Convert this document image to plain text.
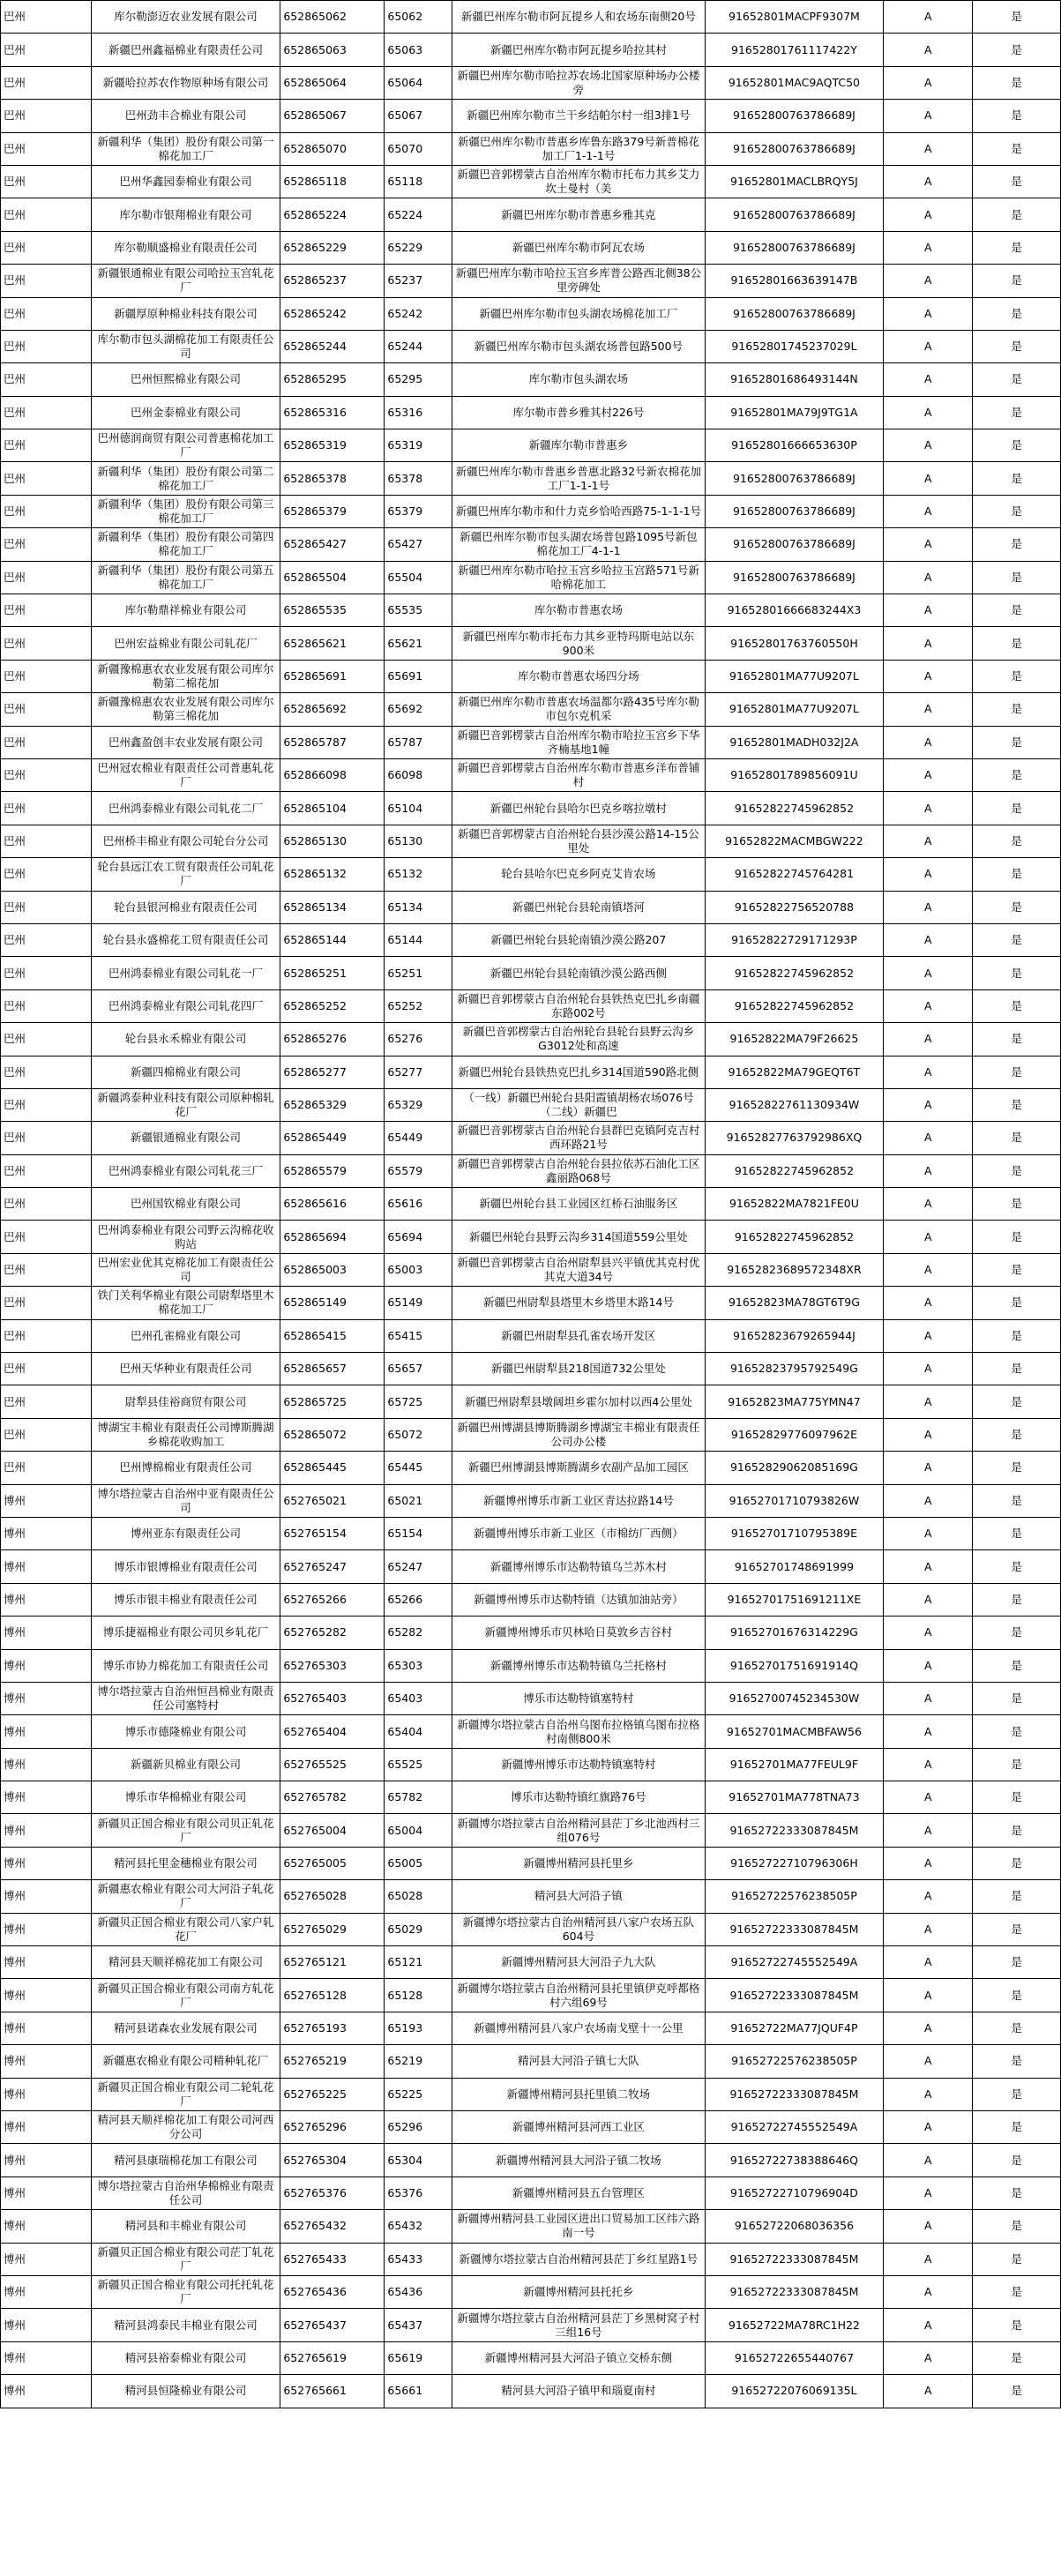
巴州	库尔勒澎迈农业发展有限公司	652865062	65062	新疆巴州库尔勒市阿瓦提乡人和农场东南侧20号	91652801MACPF9307M	A	是
巴州	新疆巴州鑫福棉业有限责任公司	652865063	65063	新疆巴州库尔勒市阿瓦提乡哈拉其村	91652801761117422Y	A	是
巴州	新疆哈拉苏农作物原种场有限公司	652865064	65064	新疆巴州库尔勒市哈拉苏农场北国家原种场办公楼旁	91652801MAC9AQTC50	A	是
巴州	巴州劲丰合棉业有限公司	652865067	65067	新疆巴州库尔勒市兰干乡结帕尔村一组3排1号	91652800763786689J	A	是
巴州	新疆利华（集团）股份有限公司第一棉花加工厂	652865070	65070	新疆巴州库尔勒市普惠乡库鲁东路379号新普棉花加工厂1-1-1号	91652800763786689J	A	是
巴州	巴州华鑫园泰棉业有限公司	652865118	65118	新疆巴音郭楞蒙古自治州库尔勒市托布力其乡艾力坎土曼村（美	91652801MACLBRQY5J	A	是
巴州	库尔勒市银翔棉业有限公司	652865224	65224	新疆巴州库尔勒市普惠乡雅其克	91652800763786689J	A	是
巴州	库尔勒顺盛棉业有限责任公司	652865229	65229	新疆巴州库尔勒市阿瓦农场	91652800763786689J	A	是
巴州	新疆银通棉业有限公司哈拉玉宫轧花厂	652865237	65237	新疆巴州库尔勒市哈拉玉宫乡库普公路西北侧38公里旁碑处	91652801663639147B	A	是
巴州	新疆厚原种棉业科技有限公司	652865242	65242	新疆巴州库尔勒市包头湖农场棉花加工厂	91652800763786689J	A	是
巴州	库尔勒市包头湖棉花加工有限责任公司	652865244	65244	新疆巴州库尔勒市包头湖农场普包路500号	91652801745237029L	A	是
巴州	巴州恒熙棉业有限公司	652865295	65295	库尔勒市包头湖农场	91652801686493144N	A	是
巴州	巴州金泰棉业有限公司	652865316	65316	库尔勒市普乡雅其村226号	91652801MA79J9TG1A	A	是
巴州	巴州德润商贸有限公司普惠棉花加工厂	652865319	65319	新疆库尔勒市普惠乡	91652801666653630P	A	是
巴州	新疆利华（集团）股份有限公司第二棉花加工厂	652865378	65378	新疆巴州库尔勒市普惠乡普惠北路32号新农棉花加工厂1-1-1号	91652800763786689J	A	是
巴州	新疆利华（集团）股份有限公司第三棉花加工厂	652865379	65379	新疆巴州库尔勒市和什力克乡恰哈西路75-1-1-1号	91652800763786689J	A	是
巴州	新疆利华（集团）股份有限公司第四棉花加工厂	652865427	65427	新疆巴州库尔勒市包头湖农场普包路1095号新包棉花加工厂4-1-1	91652800763786689J	A	是
巴州	新疆利华（集团）股份有限公司第五棉花加工厂	652865504	65504	新疆巴州库尔勒市哈拉玉宫乡哈拉玉宫路571号新哈棉花加工	91652800763786689J	A	是
巴州	库尔勒鼎祥棉业有限公司	652865535	65535	库尔勒市普惠农场	91652801666683244X3	A	是
巴州	巴州宏益棉业有限公司轧花厂	652865621	65621	新疆巴州库尔勒市托布力其乡亚特玛斯电站以东900米	91652801763760550H	A	是
巴州	新疆豫棉惠农农业发展有限公司库尔勒第二棉花加	652865691	65691	库尔勒市普惠农场四分场	91652801MA77U9207L	A	是
巴州	新疆豫棉惠农农业发展有限公司库尔勒第三棉花加	652865692	65692	新疆巴州库尔勒市普惠农场温都尔路435号库尔勒市包尔克机采	91652801MA77U9207L	A	是
巴州	巴州鑫盈创丰农业发展有限公司	652865787	65787	新疆巴音郭楞蒙古自治州库尔勒市哈拉玉宫乡下华齐楠基地1幢	91652801MADH032J2A	A	是
巴州	巴州冠农棉业有限责任公司普惠轧花厂	652866098	66098	新疆巴音郭楞蒙古自治州库尔勒市普惠乡洋布普铺村	91652801789856091U	A	是
巴州	巴州鸿泰棉业有限公司轧花二厂	652865104	65104	新疆巴州轮台县哈尔巴克乡喀拉墩村	91652822745962852	A	是
巴州	巴州桥丰棉业有限公司轮台分公司	652865130	65130	新疆巴音郭楞蒙古自治州轮台县沙漠公路14-15公里处	91652822MACMBGW222	A	是
巴州	轮台县远江农工贸有限责任公司轧花厂	652865132	65132	轮台县哈尔巴克乡阿克艾肯农场	91652822745764281	A	是
巴州	轮台县银河棉业有限责任公司	652865134	65134	新疆巴州轮台县轮南镇塔河	91652822756520788	A	是
巴州	轮台县永盛棉花工贸有限责任公司	652865144	65144	新疆巴州轮台县轮南镇沙漠公路207	91652822729171293P	A	是
巴州	巴州鸿泰棉业有限公司轧花一厂	652865251	65251	新疆巴州轮台县轮南镇沙漠公路西侧	91652822745962852	A	是
巴州	巴州鸿泰棉业有限公司轧花四厂	652865252	65252	新疆巴音郭楞蒙古自治州轮台县铁热克巴扎乡南疆东路002号	91652822745962852	A	是
巴州	轮台县永禾棉业有限公司	652865276	65276	新疆巴音郭楞蒙古自治州轮台县轮台县野云沟乡G3012处和高速	91652822MA79F26625	A	是
巴州	新疆四棉棉业有限公司	652865277	65277	新疆巴州轮台县铁热克巴扎乡314国道590路北侧	91652822MA79GEQT6T	A	是
巴州	新疆鸿泰种业科技有限公司原种棉轧花厂	652865329	65329	（一线）新疆巴州轮台县阳霞镇胡杨农场076号（二线）新疆巴	91652822761130934W	A	是
巴州	新疆银通棉业有限公司	652865449	65449	新疆巴音郭楞蒙古自治州轮台县群巴克镇阿克吉村西环路21号	91652827763792986XQ	A	是
巴州	巴州鸿泰棉业有限公司轧花三厂	652865579	65579	新疆巴音郭楞蒙古自治州轮台县拉依苏石油化工区鑫丽路068号	91652822745962852	A	是
巴州	巴州国钦棉业有限公司	652865616	65616	新疆巴州轮台县工业园区红桥石油服务区	91652822MA7821FE0U	A	是
巴州	巴州鸿泰棉业有限公司野云沟棉花收购站	652865694	65694	新疆巴州轮台县野云沟乡314国道559公里处	91652822745962852	A	是
巴州	巴州宏业优其克棉花加工有限责任公司	652865003	65003	新疆巴音郭楞蒙古自治州尉犁县兴平镇优其克村优其克大道34号	91652823689572348XR	A	是
巴州	铁门关利华棉业有限公司尉犁塔里木棉花加工厂	652865149	65149	新疆巴州尉犁县塔里木乡塔里木路14号	91652823MA78GT6T9G	A	是
巴州	巴州孔雀棉业有限公司	652865415	65415	新疆巴州尉犁县孔雀农场开发区	91652823679265944J	A	是
巴州	巴州天华种业有限责任公司	652865657	65657	新疆巴州尉犁县218国道732公里处	91652823795792549G	A	是
巴州	尉犁县佳裕商贸有限公司	652865725	65725	新疆巴州尉犁县墩阔坦乡霍尔加村以西4公里处	91652823MA775YMN47	A	是
巴州	博湖宝丰棉业有限责任公司博斯腾湖乡棉花收购加工	652865072	65072	新疆巴州博湖县博斯腾湖乡博湖宝丰棉业有限责任公司办公楼	91652829776097962E	A	是
巴州	巴州博棉棉业有限责任公司	652865445	65445	新疆巴州博湖县博斯腾湖乡农副产品加工园区	91652829062085169G	A	是
博州	博尔塔拉蒙古自治州中亚有限责任公司	652765021	65021	新疆博州博乐市新工业区青达拉路14号	91652701710793826W	A	是
博州	博州亚东有限责任公司	652765154	65154	新疆博州博乐市新工业区（市棉纺厂西侧）	91652701710795389E	A	是
博州	博乐市银博棉业有限责任公司	652765247	65247	新疆博州博乐市达勒特镇乌兰苏木村	91652701748691999	A	是
博州	博乐市银丰棉业有限责任公司	652765266	65266	新疆博州博乐市达勒特镇（达镇加油站旁）	91652701751691211XE	A	是
博州	博乐捷福棉业有限公司贝乡轧花厂	652765282	65282	新疆博州博乐市贝林哈日莫敦乡吉谷村	91652701676314229G	A	是
博州	博乐市协力棉花加工有限责任公司	652765303	65303	新疆博州博乐市达勒特镇乌兰托格村	91652701751691914Q	A	是
博州	博尔塔拉蒙古自治州恒昌棉业有限责任公司塞特村	652765403	65403	博乐市达勒特镇塞特村	91652700745234530W	A	是
博州	博乐市德隆棉业有限公司	652765404	65404	新疆博尔塔拉蒙古自治州乌图布拉格镇乌图布拉格村南侧800米	91652701MACMBFAW56	A	是
博州	新疆新贝棉业有限公司	652765525	65525	新疆博州博乐市达勒特镇塞特村	91652701MA77FEUL9F	A	是
博州	博乐市华棉棉业有限公司	652765782	65782	博乐市达勒特镇红旗路76号	91652701MA778TNA73	A	是
博州	新疆贝正国合棉业有限公司贝正轧花厂	652765004	65004	新疆博尔塔拉蒙古自治州精河县茫丁乡北池西村三组076号	91652722333087845M	A	是
博州	精河县托里金穗棉业有限公司	652765005	65005	新疆博州精河县托里乡	91652722710796306H	A	是
博州	新疆惠农棉业有限公司大河沿子轧花厂	652765028	65028	精河县大河沿子镇	91652722576238505P	A	是
博州	新疆贝正国合棉业有限公司八家户轧花厂	652765029	65029	新疆博尔塔拉蒙古自治州精河县八家户农场五队604号	91652722333087845M	A	是
博州	精河县天顺祥棉花加工有限公司	652765121	65121	新疆博州精河县大河沿子九大队	91652722745552549A	A	是
博州	新疆贝正国合棉业有限公司南方轧花厂	652765128	65128	新疆博尔塔拉蒙古自治州精河县托里镇伊克呼都格村六组69号	91652722333087845M	A	是
博州	精河县诺森农业发展有限公司	652765193	65193	新疆博州精河县八家户农场南戈壁十一公里	91652722MA77JQUF4P	A	是
博州	新疆惠农棉业有限公司精种轧花厂	652765219	65219	精河县大河沿子镇七大队	91652722576238505P	A	是
博州	新疆贝正国合棉业有限公司二轮轧花厂	652765225	65225	新疆博州精河县托里镇二牧场	91652722333087845M	A	是
博州	精河县天顺祥棉花加工有限公司河西分公司	652765296	65296	新疆博州精河县河西工业区	91652722745552549A	A	是
博州	精河县康瑞棉花加工有限公司	652765304	65304	新疆博州精河县大河沿子镇二牧场	91652722738388646Q	A	是
博州	博尔塔拉蒙古自治州华棉棉业有限责任公司	652765376	65376	新疆博州精河县五台管理区	91652722710796904D	A	是
博州	精河县和丰棉业有限公司	652765432	65432	新疆博州精河县工业园区进出口贸易加工区纬六路南一号	91652722068036356	A	是
博州	新疆贝正国合棉业有限公司茫丁轧花厂	652765433	65433	新疆博尔塔拉蒙古自治州精河县茫丁乡红星路1号	91652722333087845M	A	是
博州	新疆贝正国合棉业有限公司托托轧花厂	652765436	65436	新疆博州精河县托托乡	91652722333087845M	A	是
博州	精河县鸿泰民丰棉业有限公司	652765437	65437	新疆博尔塔拉蒙古自治州精河县茫丁乡黑树窝子村三组16号	91652722MA78RC1H22	A	是
博州	精河县裕泰棉业有限公司	652765619	65619	新疆博州精河县大河沿子镇立交桥东侧	91652722655440767	A	是
博州	精河县恒隆棉业有限公司	652765661	65661	精河县大河沿子镇甲和瑙夏南村	91652722076069135L	A	是
